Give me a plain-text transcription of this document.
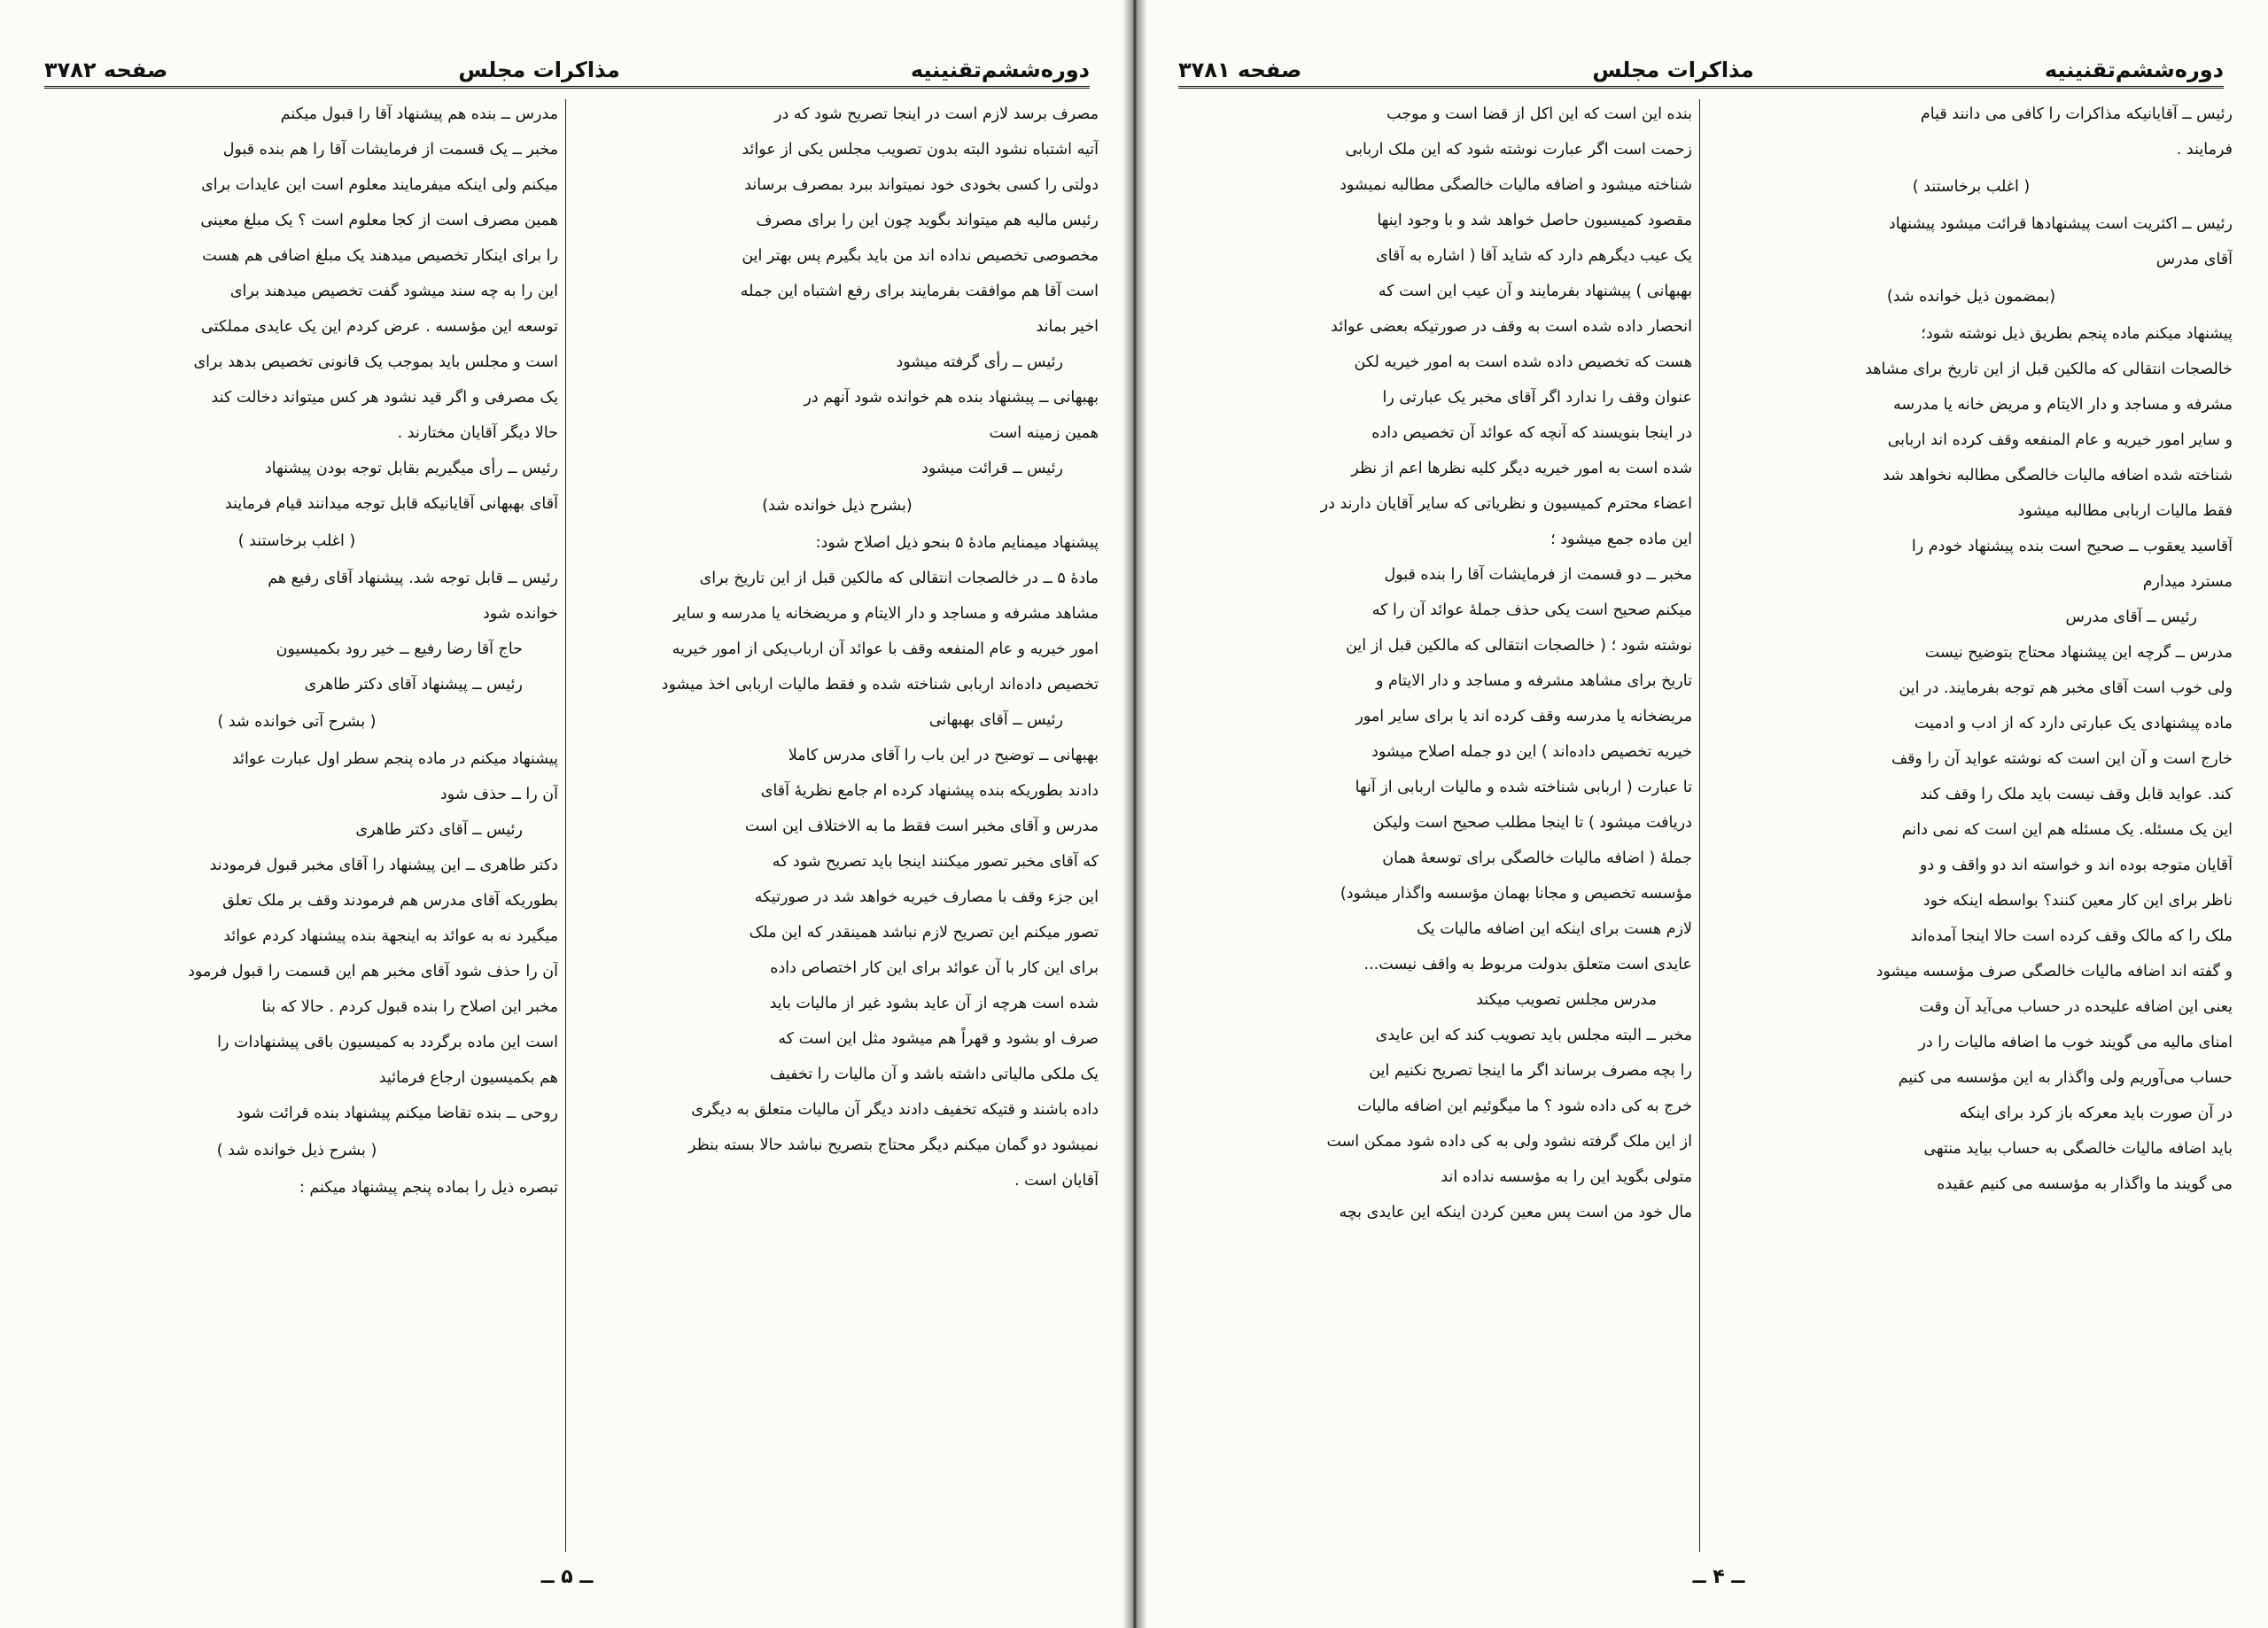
دوره‌ششم‌تقنینیه
مذاکرات مجلس
صفحه ۳۷۸۲

مصرف برسد لازم است در اینجا تصریح شود که در

آتیه اشتباه نشود البته بدون تصویب مجلس یکی از عوائد

دولتی را کسی بخودی خود نمیتواند ببرد بمصرف برساند

رئیس مالیه هم میتواند بگوید چون این را برای مصرف

مخصوصی تخصیص نداده اند من باید بگیرم پس بهتر این

است آقا هم موافقت بفرمایند برای رفع اشتباه این جمله

اخیر بماند

رئیس ــ رأی گرفته میشود

بهبهانی ــ پیشنهاد بنده هم خوانده شود آنهم در

همین زمینه است

رئیس ــ قرائت میشود

(بشرح ذیل خوانده شد)

پیشنهاد میمنایم مادهٔ ۵ بنحو ذیل اصلاح شود:

مادهٔ ۵ ــ در خالصجات انتقالی که مالکین قبل از این تاریخ برای

مشاهد مشرفه و مساجد و دار الایتام و مریضخانه یا مدرسه و سایر

امور خیریه و عام المنفعه وقف با عوائد آن ارباب‌یکی از امور خیریه

تخصیص داده‌اند اربابی شناخته شده و فقط مالیات اربابی اخذ میشود

رئیس ــ آقای بهبهانی

بهبهانی ــ توضیح در این باب را آقای مدرس کاملا

دادند بطوریکه بنده پیشنهاد کرده ام جامع نظریهٔ آقای

مدرس و آقای مخبر است فقط ما به الاختلاف این است

که آقای مخبر تصور میکنند اینجا باید تصریح شود که

این جزء وقف با مصارف خیریه خواهد شد در صورتیکه

تصور میکنم این تصریح لازم نباشد همینقدر که این ملک

برای این کار با آن عوائد برای این کار اختصاص داده

شده است هرچه از آن عاید بشود غیر از مالیات باید

صرف او بشود و قهراً هم میشود مثل این است که

یک ملکی مالیاتی داشته باشد و آن مالیات را تخفیف

داده باشند و قتیکه تخفیف دادند دیگر آن مالیات متعلق به دیگری

نمیشود دو گمان میکنم دیگر محتاج بتصریح نباشد حالا بسته بنظر

آقایان است .

مدرس ــ بنده هم پیشنهاد آقا را قبول میکنم

مخبر ــ یک قسمت از فرمایشات آقا را هم بنده قبول

میکنم ولی اینکه میفرمایند معلوم است این عایدات برای

همین مصرف است از کجا معلوم است ؟ یک مبلغ معینی

را برای اینکار تخصیص میدهند یک مبلغ اضافی هم هست

این را به چه سند میشود گفت تخصیص میدهند برای

توسعه این مؤسسه . عرض کردم این یک عایدی مملکتی

است و مجلس باید بموجب یک قانونی تخصیص بدهد برای

یک مصرفی و اگر قید نشود هر کس میتواند دخالت کند

حالا دیگر آقایان مختارند .

رئیس ــ رأی میگیریم بقابل توجه بودن پیشنهاد

آقای بهبهانی آقایانیکه قابل توجه میدانند قیام فرمایند

( اغلب برخاستند )

رئیس ــ قابل توجه شد. پیشنهاد آقای رفیع هم

خوانده شود

حاج آقا رضا رفیع ــ خیر رود بکمیسیون

رئیس ــ پیشنهاد آقای دکتر طاهری

( بشرح آتی خوانده شد )

پیشنهاد میکنم در ماده پنجم سطر اول عبارت عوائد

آن را ــ حذف شود

رئیس ــ آقای دکتر طاهری

دکتر طاهری ــ این پیشنهاد را آقای مخبر قبول فرمودند

بطوریکه آقای مدرس هم فرمودند وقف بر ملک تعلق

میگیرد نه به عوائد به اینجهة بنده پیشنهاد کردم عوائد

آن را حذف شود آقای مخبر هم این قسمت را قبول فرمود

مخبر این اصلاح را بنده قبول کردم . حالا که بنا

است این ماده برگردد به کمیسیون باقی پیشنهادات را

هم بکمیسیون ارجاع فرمائید

روحی ــ بنده تقاضا میکنم پیشنهاد بنده قرائت شود

( بشرح ذیل خوانده شد )

تبصره ذیل را بماده پنجم پیشنهاد میکنم :

ــ ۵ ــ
دوره‌ششم‌تقنینیه
مذاکرات مجلس
صفحه ۳۷۸۱

رئیس ــ آقایانیکه مذاکرات را کافی می دانند قیام

فرمایند .

( اغلب برخاستند )

رئیس ــ اکثریت است پیشنهادها قرائت میشود پیشنهاد

آقای مدرس

(بمضمون ذیل خوانده شد)

پیشنهاد میکنم ماده پنجم بطریق ذیل نوشته شود؛

خالصجات انتقالی که مالکین قبل از این تاریخ برای مشاهد

مشرفه و مساجد و دار الایتام و مریض خانه یا مدرسه

و سایر امور خیریه و عام المنفعه وقف کرده اند اربابی

شناخته شده اضافه مالیات خالصگی مطالبه نخواهد شد

فقط مالیات اربابی مطالبه میشود

آقاسید یعقوب ــ صحیح است بنده پیشنهاد خودم را

مسترد میدارم

رئیس ــ آقای مدرس

مدرس ــ گرچه این پیشنهاد محتاج بتوضیح نیست

ولی خوب است آقای مخبر هم توجه بفرمایند. در این

ماده پیشنهادی یک عبارتی دارد که از ادب و ادمیت

خارج است و آن این است که نوشته عواید آن را وقف

کند. عواید قابل وقف نیست باید ملک را وقف کند

این یک مسئله. یک مسئله هم این است که نمی دانم

آقایان متوجه بوده اند و خواسته اند دو واقف و دو

ناظر برای این کار معین کنند؟ بواسطه اینکه خود

ملک را که مالک وقف کرده است حالا اینجا آمده‌اند

و گفته اند اضافه مالیات خالصگی صرف مؤسسه میشود

یعنی این اضافه علیحده در حساب می‌آید آن وقت

امنای مالیه می گویند خوب ما اضافه مالیات را در

حساب می‌آوریم ولی واگذار به این مؤسسه می کنیم

در آن صورت باید معرکه باز کرد برای اینکه

باید اضافه مالیات خالصگی به حساب بیاید منتهی

می گویند ما واگذار به مؤسسه می کنیم عقیده

بنده این است که این اکل از قضا است و موجب

زحمت است اگر عبارت نوشته شود که این ملک اربابی

شناخته میشود و اضافه مالیات خالصگی مطالبه نمیشود

مقصود کمیسیون حاصل خواهد شد و با وجود اینها

یک عیب دیگرهم دارد که شاید آقا ( اشاره به آقای

بهبهانی ) پیشنهاد بفرمایند و آن عیب این است که

انحصار داده شده است به وقف در صورتیکه بعضی عوائد

هست که تخصیص داده شده است به امور خیریه لکن

عنوان وقف را ندارد اگر آقای مخبر یک عبارتی را

در اینجا بنویسند که آنچه که عوائد آن تخصیص داده

شده است به امور خیریه دیگر کلیه نظرها اعم از نظر

اعضاء محترم کمیسیون و نظریاتی که سایر آقایان دارند در

این ماده جمع میشود ؛

مخبر ــ دو قسمت از فرمایشات آقا را بنده قبول

میکنم صحیح است یکی حذف جملهٔ عوائد آن را که

نوشته شود ؛ ( خالصجات انتقالی که مالکین قبل از این

تاریخ برای مشاهد مشرفه و مساجد و دار الایتام و

مریضخانه یا مدرسه وقف کرده اند یا برای سایر امور

خیریه تخصیص داده‌اند ) این دو جمله اصلاح میشود

تا عبارت ( اربابی شناخته شده و مالیات اربابی از آنها

دریافت میشود ) تا اینجا مطلب صحیح است ولیکن

جملهٔ ( اضافه مالیات خالصگی برای توسعهٔ همان

مؤسسه تخصیص و مجانا بهمان مؤسسه واگذار میشود)

لازم هست برای اینکه این اضافه مالیات یک

عایدی است متعلق بدولت مربوط به واقف نیست...

مدرس مجلس تصویب میکند

مخبر ــ البته مجلس باید تصویب کند که این عایدی

را بچه مصرف برساند اگر ما اینجا تصریح نکنیم این

خرج به کی داده شود ؟ ما میگوئیم این اضافه مالیات

از این ملک گرفته نشود ولی به کی داده شود ممکن است

متولی بگوید این را به مؤسسه نداده اند

مال خود من است پس معین کردن اینکه این عایدی بچه

ــ ۴ ــ
